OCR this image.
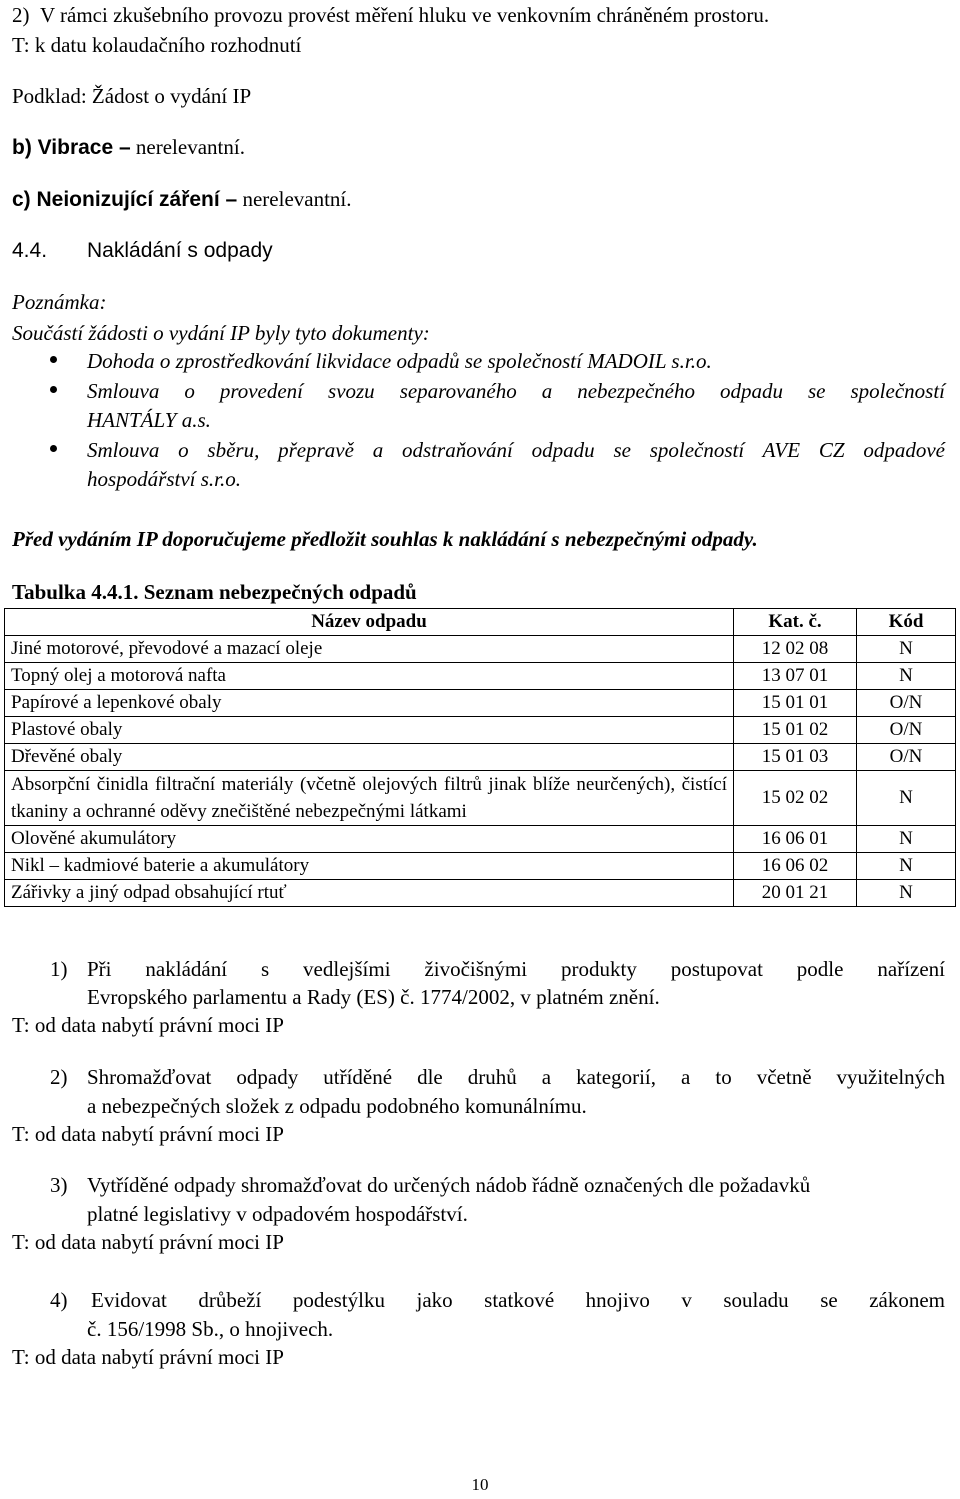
2)  V rámci zkušebního provozu provést měření hluku ve venkovním chráněném prostoru.
T: k datu kolaudačního rozhodnutí
Podklad: Žádost o vydání IP
b) Vibrace – nerelevantní.
c) Neionizující záření – nerelevantní.
4.4. Nakládání s odpady
Poznámka:
Součástí žádosti o vydání IP byly tyto dokumenty:
Dohoda o zprostředkování likvidace odpadů se společností MADOIL s.r.o.
Smlouva o provedení svozu separovaného a nebezpečného odpadu se společností
HANTÁLY a.s.
Smlouva o sběru, přepravě a odstraňování odpadu se společností AVE CZ odpadové
hospodářství s.r.o.
Před vydáním IP doporučujeme předložit souhlas k nakládání s nebezpečnými odpady.
Tabulka 4.4.1. Seznam nebezpečných odpadů
Název odpadu	Kat. č.	Kód
Jiné motorové, převodové a mazací oleje	12 02 08	N
Topný olej a motorová nafta	13 07 01	N
Papírové a lepenkové obaly	15 01 01	O/N
Plastové obaly	15 01 02	O/N
Dřevěné obaly	15 01 03	O/N
Absorpční činidla filtrační materiály (včetně olejových filtrů jinak blíže neurčených), čistící tkaniny a ochranné oděvy znečištěné nebezpečnými látkami	15 02 02	N
Olověné akumulátory	16 06 01	N
Nikl – kadmiové baterie a akumulátory	16 06 02	N
Zářivky a jiný odpad obsahující rtuť	20 01 21	N
1) Při nakládání s vedlejšími živočišnými produkty postupovat podle nařízení
Evropského parlamentu a Rady (ES) č. 1774/2002, v platném znění.
T: od data nabytí právní moci IP
2) Shromažďovat odpady utříděné dle druhů a kategorií, a to včetně využitelných
a nebezpečných složek z odpadu podobného komunálnímu.
T: od data nabytí právní moci IP
3) Vytříděné odpady shromažďovat do určených nádob řádně označených dle požadavků
platné legislativy v odpadovém hospodářství.
T: od data nabytí právní moci IP
4) Evidovat drůbeží podestýlku jako statkové hnojivo v souladu se zákonem
č. 156/1998 Sb., o hnojivech.
T: od data nabytí právní moci IP
10
